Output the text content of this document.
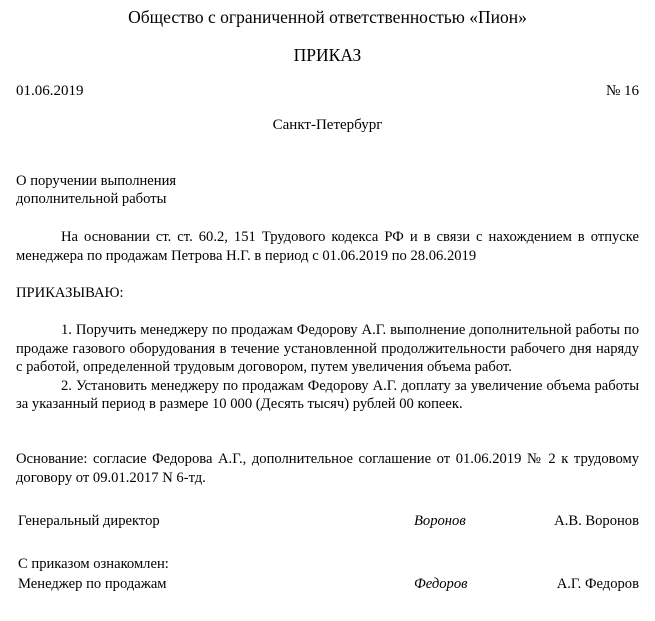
Общество с ограниченной ответственностью «Пион»
ПРИКАЗ
01.06.2019	№ 16
Санкт-Петербург
О поручении выполнения
дополнительной работы

На основании ст. ст. 60.2, 151 Трудового кодекса РФ и в связи с нахождением в отпуске менеджера по продажам Петрова Н.Г. в период с 01.06.2019 по 28.06.2019

ПРИКАЗЫВАЮ:

1. Поручить менеджеру по продажам Федорову А.Г. выполнение дополнительной работы по продаже газового оборудования в течение установленной продолжительности рабочего дня наряду с работой, определенной трудовым договором, путем увеличения объема работ.

2. Установить менеджеру по продажам Федорову А.Г. доплату за увеличение объема работы за указанный период в размере 10 000 (Десять тысяч) рублей 00 копеек.

Основание: согласие Федорова А.Г., дополнительное соглашение от 01.06.2019 № 2 к трудовому договору от 09.01.2017 N 6-тд.

Генеральный директор	Воронов	А.В. Воронов
С приказом ознакомлен:
Менеджер по продажам	Федоров	А.Г. Федоров
